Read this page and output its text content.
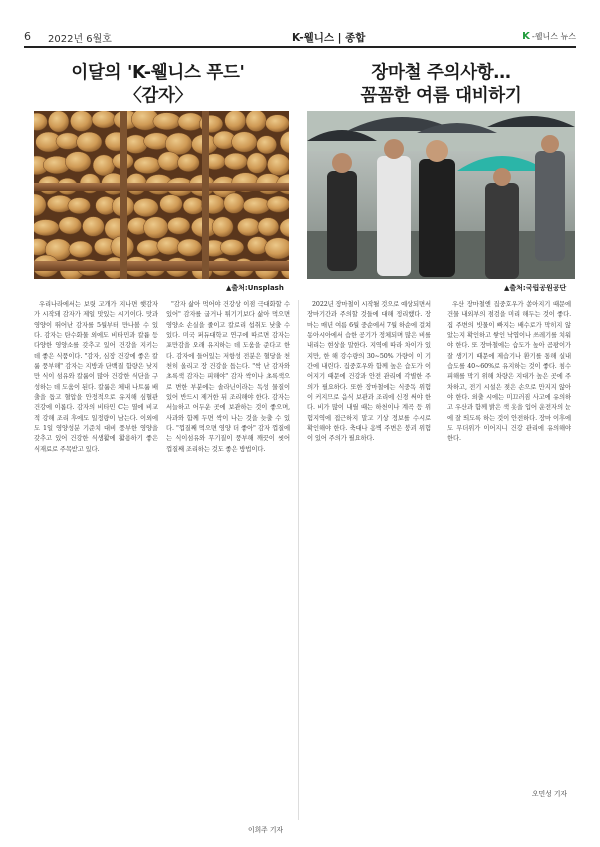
6 2022년 6월호	K-웰니스 | 종합	K -웰니스 뉴스
이달의 'K-웰니스 푸드'
〈감자〉
▲출처:Unsplash

우리나라에서는 보릿 고개가 지나면 햇감자가 시작돼 감자가 제일 맛있는 시기이다. 맛과 영양이 뛰어난 감자를 5월부터 만나볼 수 있다. 감자는 탄수화물 외에도 비타민과 칼륨 등 다양한 영양소를 갖추고 있어 건강을 지키는 데 좋은 식품이다. "감자, 심장 건강에 좋은 칼륨 풍부해" 감자는 지방과 단백질 함량은 낮지만 식이 섬유와 칼륨이 많아 건강한 식단을 구성하는 데 도움이 된다. 칼륨은 체내 나트륨 배출을 돕고 혈압을 안정적으로 유지해 심혈관 건강에 이롭다. 감자의 비타민 C는 열에 비교적 강해 조리 후에도 일정량이 남는다. 이외에도 1일 영양성분 기준치 대비 풍부한 영양을 갖추고 있어 건강한 식생활에 활용하기 좋은 식재료로 주목받고 있다.

"감자 삶아 먹어야 건강상 이점 극대화할 수 있어" 감자를 굽거나 튀기기보다 삶아 먹으면 영양소 손실을 줄이고 칼로리 섭취도 낮출 수 있다. 미국 퍼듀대학교 연구에 따르면 감자는 포만감을 오래 유지하는 데 도움을 준다고 한다. 감자에 들어있는 저항성 전분은 혈당을 천천히 올리고 장 건강을 돕는다. "싹 난 감자와 초록색 감자는 피해야" 감자 싹이나 초록색으로 변한 부분에는 솔라닌이라는 독성 물질이 있어 반드시 제거한 뒤 조리해야 한다. 감자는 서늘하고 어두운 곳에 보관하는 것이 좋으며, 사과와 함께 두면 싹이 나는 것을 늦출 수 있다. "껍질째 먹으면 영양 더 좋아" 감자 껍질에는 식이섬유와 무기질이 풍부해 깨끗이 씻어 껍질째 조리하는 것도 좋은 방법이다.

이희주 기자
장마철 주의사항…
꼼꼼한 여름 대비하기
▲출처:국립공원공단

2022년 장마철이 시작될 것으로 예상되면서 장마기간과 주의할 것들에 대해 정리했다. 장마는 매년 여름 6월 중순에서 7월 하순에 걸쳐 동아시아에서 습한 공기가 정체되며 많은 비를 내리는 현상을 말한다. 지역에 따라 차이가 있지만, 한 해 강수량의 30~50% 가량이 이 기간에 내린다. 집중호우와 함께 높은 습도가 이어지기 때문에 건강과 안전 관리에 각별한 주의가 필요하다. 또한 장마철에는 식중독 위험이 커지므로 음식 보관과 조리에 신경 써야 한다. 비가 많이 내릴 때는 하천이나 계곡 등 위험지역에 접근하지 말고 기상 정보를 수시로 확인해야 한다. 축대나 옹벽 주변은 붕괴 위험이 있어 주의가 필요하다.

우산 장마철엔 집중호우가 쏟아지기 때문에 건물 내외부의 점검을 미리 해두는 것이 좋다. 집 주변의 빗물이 빠지는 배수로가 막히지 않았는지 확인하고 쌓인 낙엽이나 쓰레기를 치워야 한다. 또 장마철에는 습도가 높아 곰팡이가 잘 생기기 때문에 제습기나 환기를 통해 실내 습도를 40~60%로 유지하는 것이 좋다. 침수 피해를 막기 위해 차량은 지대가 높은 곳에 주차하고, 전기 시설은 젖은 손으로 만지지 않아야 한다. 외출 시에는 미끄러짐 사고에 유의하고 우산과 함께 밝은 색 옷을 입어 운전자의 눈에 잘 띄도록 하는 것이 안전하다. 장마 이후에도 무더위가 이어지니 건강 관리에 유의해야 한다.

오민성 기자
